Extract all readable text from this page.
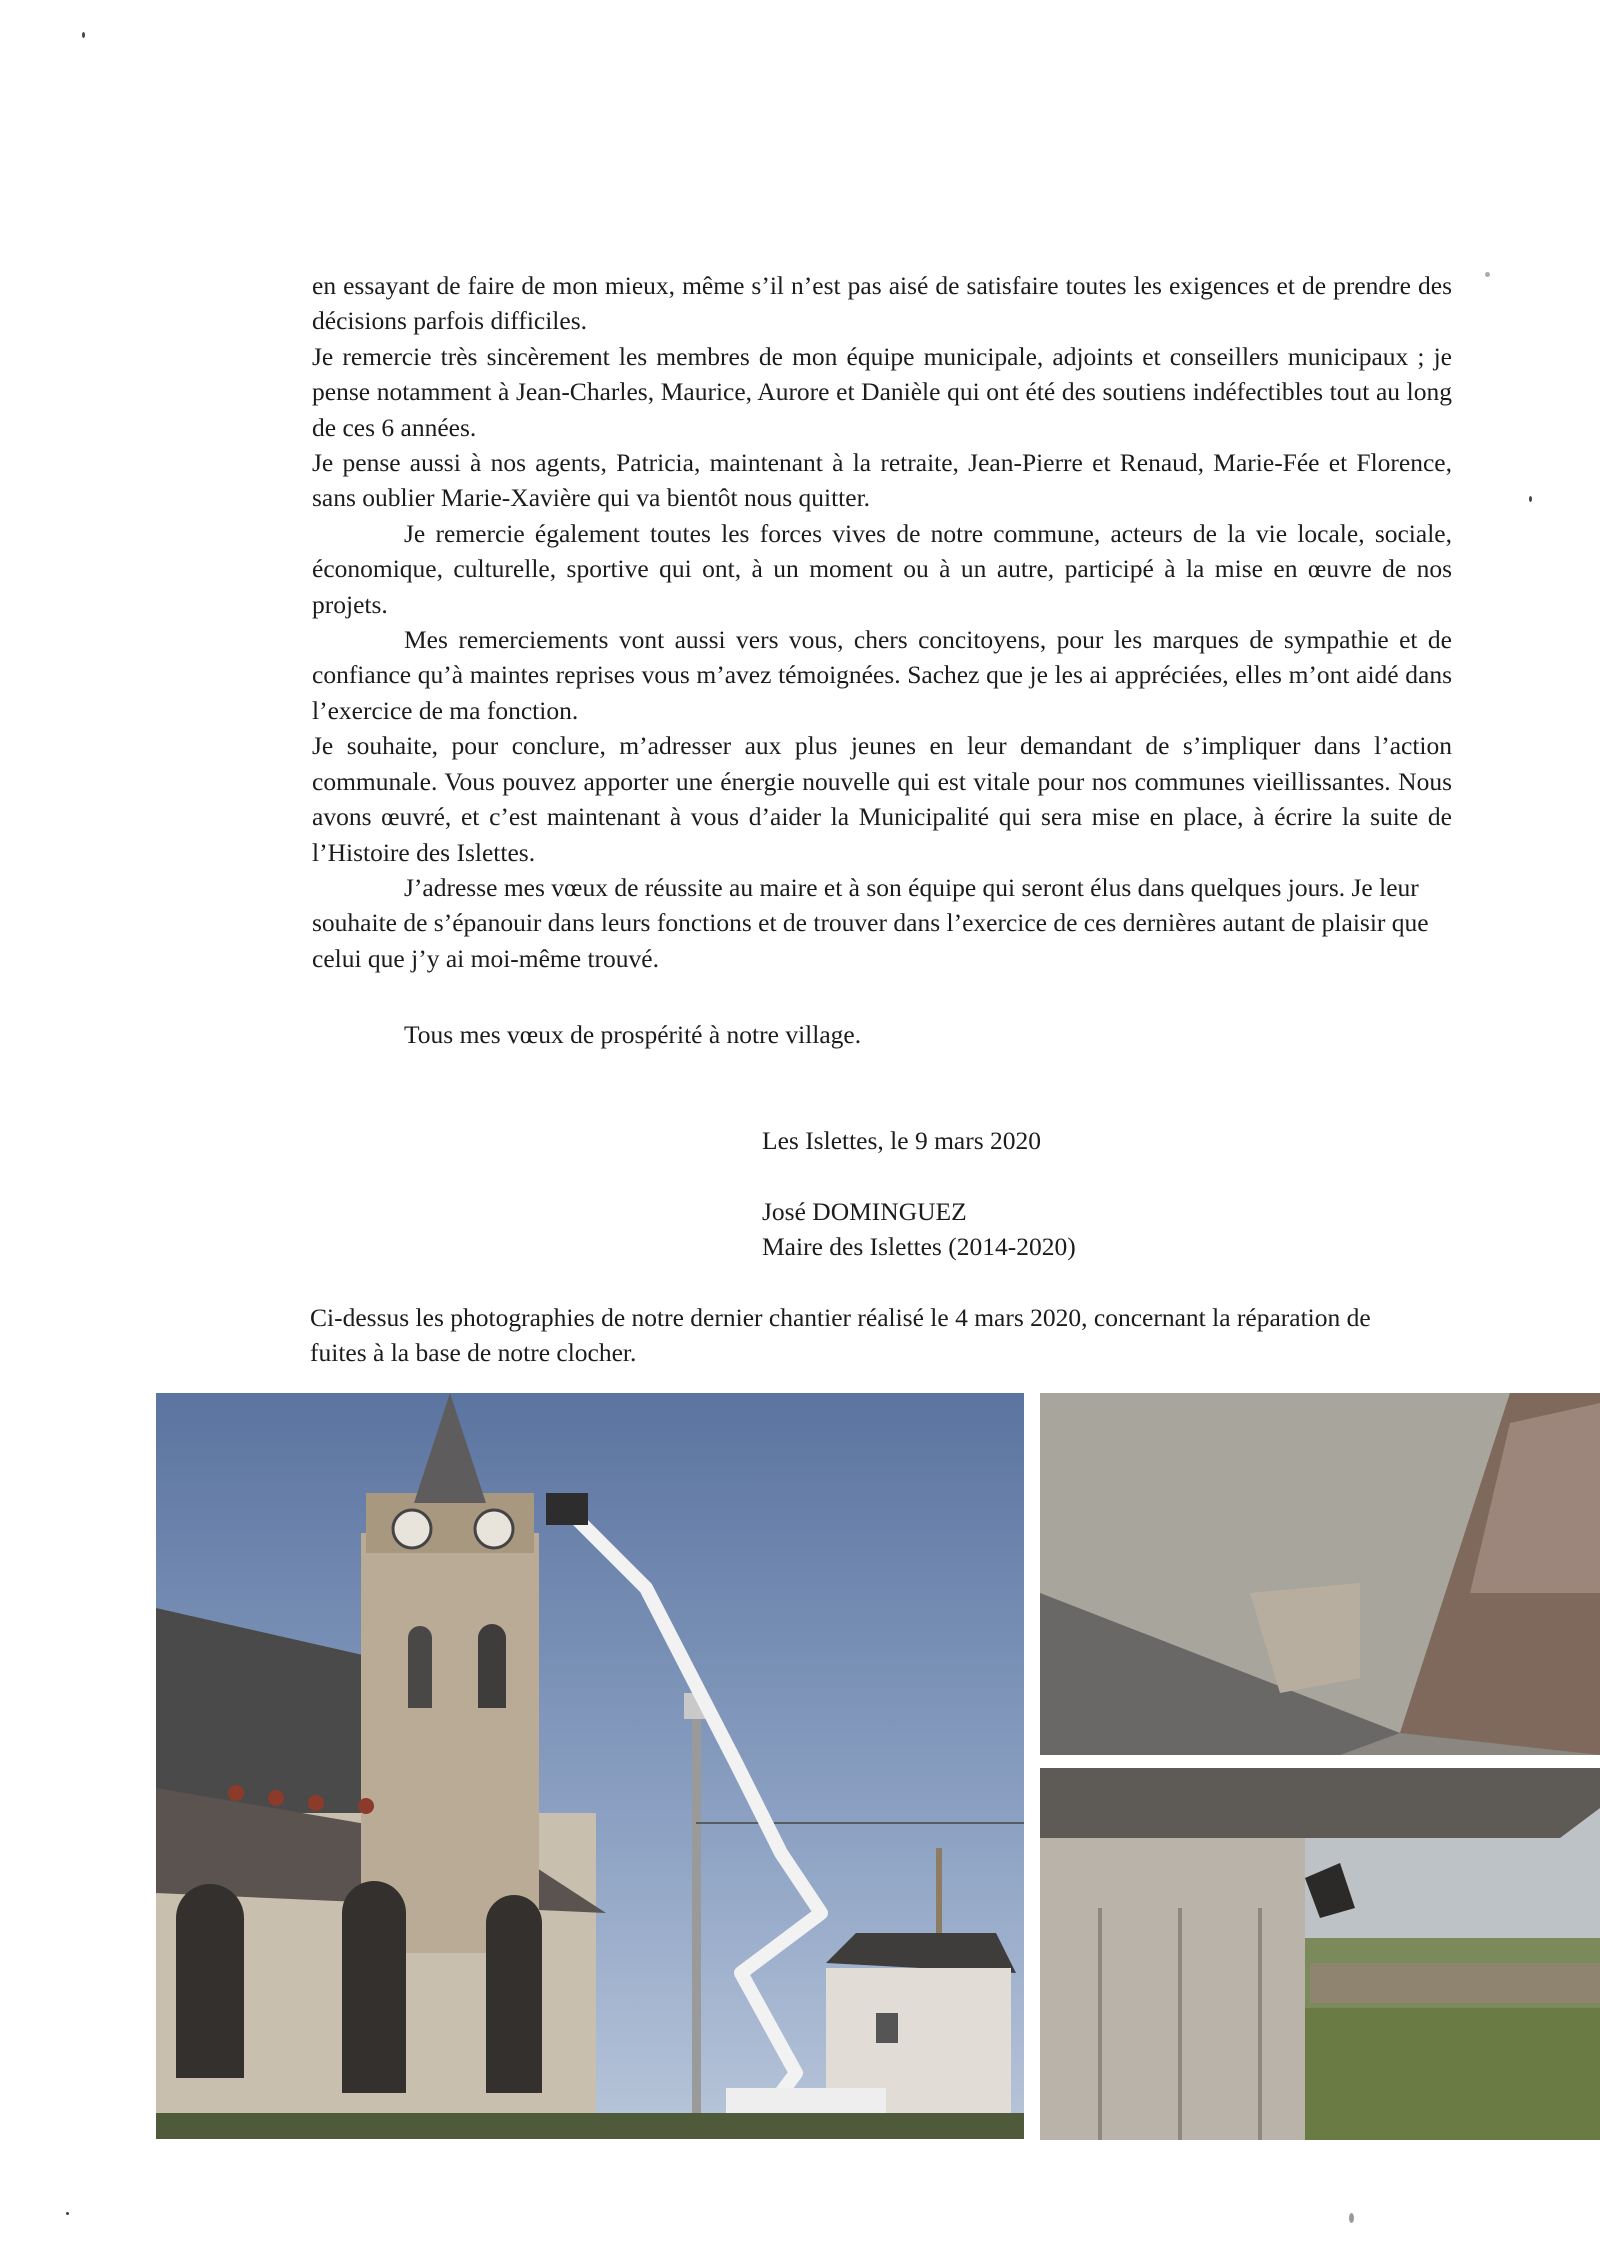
en essayant de faire de mon mieux, même s’il n’est pas aisé de satisfaire toutes les exigences et de prendre des décisions parfois difficiles.

Je remercie très sincèrement les membres de mon équipe municipale, adjoints et conseillers municipaux ; je pense notamment à Jean-Charles, Maurice, Aurore et Danièle qui ont été des soutiens indéfectibles tout au long de ces 6 années.

Je pense aussi à nos agents, Patricia, maintenant à la retraite, Jean-Pierre et Renaud, Marie-Fée et Florence, sans oublier Marie-Xavière qui va bientôt nous quitter.

Je remercie également toutes les forces vives de notre commune, acteurs de la vie locale, sociale, économique, culturelle, sportive qui ont, à un moment ou à un autre, participé à la mise en œuvre de nos projets.

Mes remerciements vont aussi vers vous, chers concitoyens, pour les marques de sympathie et de confiance qu’à maintes reprises vous m’avez témoignées. Sachez que je les ai appréciées, elles m’ont aidé dans l’exercice de ma fonction.

Je souhaite, pour conclure, m’adresser aux plus jeunes en leur demandant de s’impliquer dans l’action communale. Vous pouvez apporter une énergie nouvelle qui est vitale pour nos communes vieillissantes. Nous avons œuvré, et c’est maintenant à vous d’aider la Municipalité qui sera mise en place, à écrire la suite de l’Histoire des Islettes.

J’adresse mes vœux de réussite au maire et à son équipe qui seront élus dans quelques jours. Je leur souhaite de s’épanouir dans leurs fonctions et de trouver dans l’exercice de ces dernières autant de plaisir que celui que j’y ai moi-même trouvé.

Tous mes vœux de prospérité à notre village.
Les Islettes, le 9 mars 2020
José DOMINGUEZ
Maire des Islettes (2014-2020)
Ci-dessus les photographies de notre dernier chantier réalisé le 4 mars 2020, concernant la réparation de fuites à la base de notre clocher.
